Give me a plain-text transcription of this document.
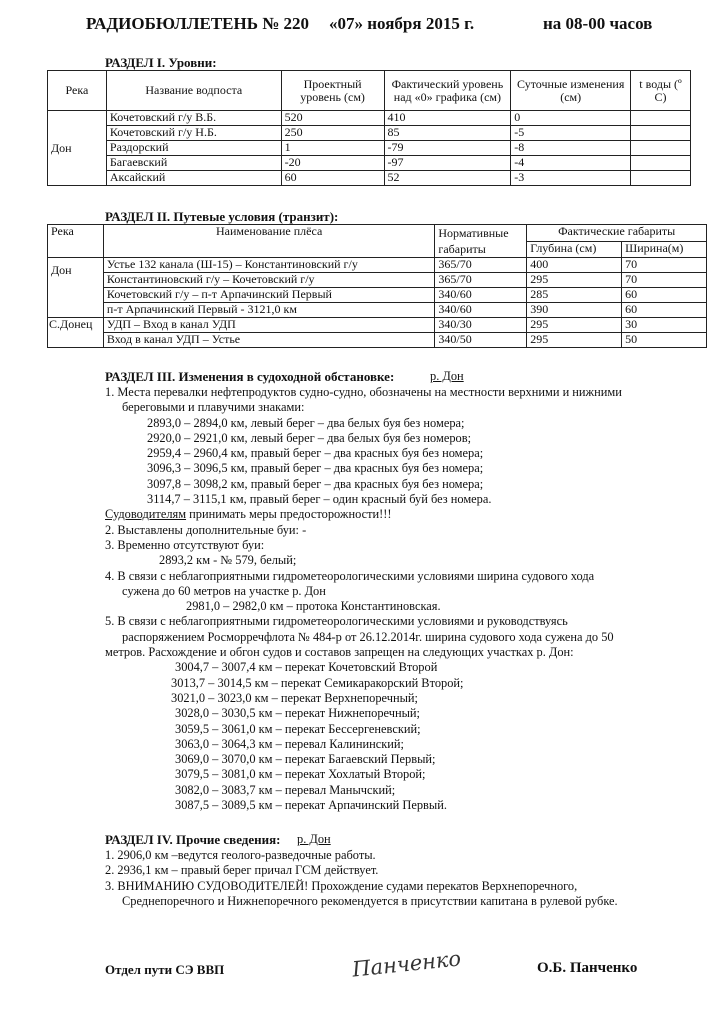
РАДИОБЮЛЛЕТЕНЬ № 220 «07» ноября 2015 г.	на 08-00 часов
РАЗДЕЛ I. Уровни:
Река	Название водпоста	Проектный уровень (см)	Фактический уровень над «0» графика (см)	Суточные изменения (см)	t воды (º С)
Дон	Кочетовский г/у В.Б.	520	410	0	
	Кочетовский г/у Н.Б.	250	85	-5	
	Раздорский	1	-79	-8	
	Багаевский	-20	-97	-4	
	Аксайский	60	52	-3	
РАЗДЕЛ II. Путевые условия (транзит):
Река	Наименование плёса	Нормативные габариты	Фактические габариты	
			Глубина (см)	Ширина(м)
Дон	Устье 132 канала (Ш-15) – Константиновский г/у	365/70	400	70
	Константиновский г/у – Кочетовский г/у	365/70	295	70
	Кочетовский г/у – п-т Арпачинский Первый	340/60	285	60
	п-т Арпачинский Первый - 3121,0 км	340/60	390	60
С.Донец	УДП – Вход в канал УДП	340/30	295	30
	Вход в канал УДП – Устье	340/50	295	50
РАЗДЕЛ III. Изменения в судоходной обстановке:	р. Дон
1. Места перевалки нефтепродуктов судно-судно, обозначены на местности верхними и нижними
береговыми и плавучими знаками:
2893,0 – 2894,0 км, левый берег – два белых буя без номера;
2920,0 – 2921,0 км, левый берег – два белых буя без номеров;
2959,4 – 2960,4 км, правый берег – два красных буя без номера;
3096,3 – 3096,5 км, правый берег – два красных буя без номера;
3097,8 – 3098,2 км, правый берег – два красных буя без номера;
3114,7 – 3115,1 км, правый берег – один красный буй без номера.
Судоводителям принимать меры предосторожности!!!
2. Выставлены дополнительные буи: -
3. Временно отсутствуют буи:
2893,2 км - № 579, белый;
4. В связи с неблагоприятными гидрометеорологическими условиями ширина судового хода
сужена до 60 метров на участке р. Дон
2981,0 – 2982,0 км – протока Константиновская.
5. В связи с неблагоприятными гидрометеорологическими условиями и руководствуясь
распоряжением Росморречфлота № 484-р от 26.12.2014г. ширина судового хода сужена до 50
метров. Расхождение и обгон судов и составов запрещен на следующих участках р. Дон:
3004,7 – 3007,4 км – перекат Кочетовский Второй
3013,7 – 3014,5 км – перекат Семикаракорский Второй;
3021,0 – 3023,0 км – перекат Верхнепоречный;
3028,0 – 3030,5 км – перекат Нижнепоречный;
3059,5 – 3061,0 км – перекат Бессергеневский;
3063,0 – 3064,3 км – перевал Калининский;
3069,0 – 3070,0 км – перекат Багаевский Первый;
3079,5 – 3081,0 км – перекат Хохлатый Второй;
3082,0 – 3083,7 км – перевал Манычский;
3087,5 – 3089,5 км – перекат Арпачинский Первый.
РАЗДЕЛ IV. Прочие сведения: р. Дон
1. 2906,0 км –ведутся геолого-разведочные работы.
2. 2936,1 км – правый берег причал ГСМ действует.
3. ВНИМАНИЮ СУДОВОДИТЕЛЕЙ! Прохождение судами перекатов Верхнепоречного,
Среднепоречного и Нижнепоречного рекомендуется в присутствии капитана в рулевой рубке.
Отдел пути СЭ ВВП	Панченко	О.Б. Панченко
